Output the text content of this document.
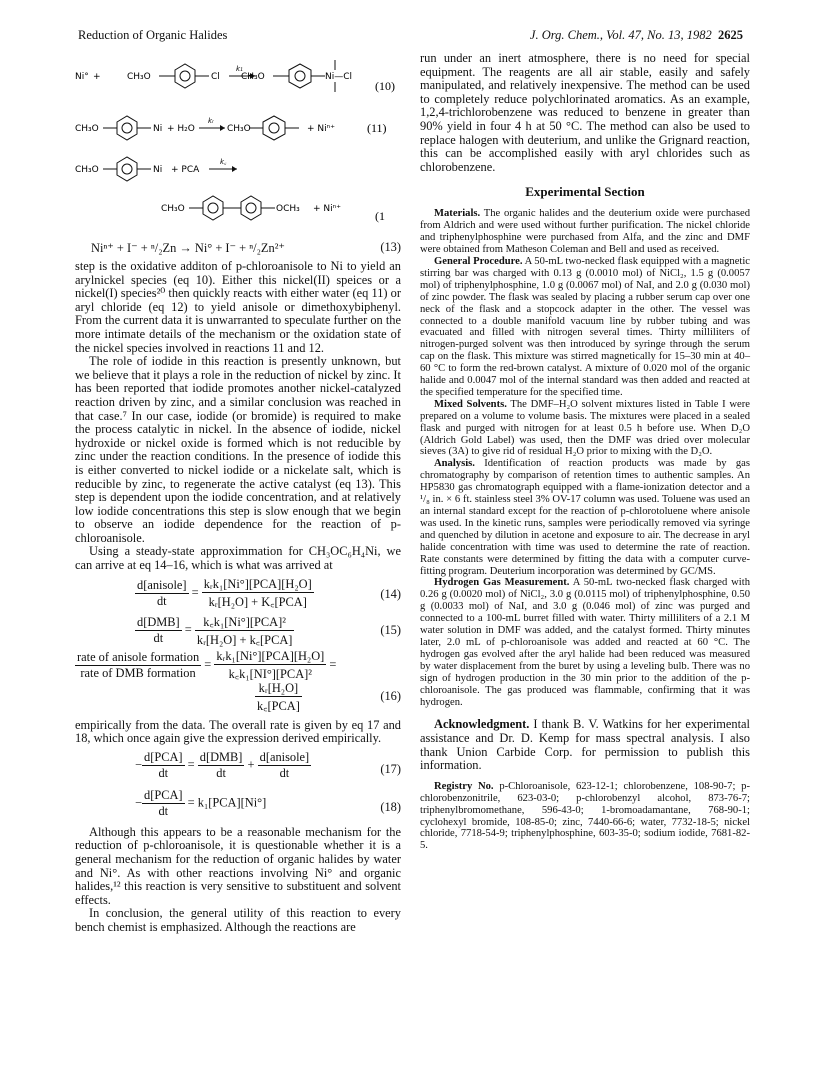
Reduction of Organic Halides	J. Org. Chem., Vol. 47, No. 13, 1982 2625
Ni° +	CH₃O	Cl
k₁
CH₃O	Ni—Cl
(10)
CH₃O	Ni + H₂O
kᵣ
CH₃O	+ Niⁿ⁺	(11)
CH₃O	Ni + PCA
k꜀
CH₃O	OCH₃ + Niⁿ⁺	(1
Niⁿ⁺ + I⁻ + ⁿ/₂Zn → Ni° + I⁻ + ⁿ/₂Zn²⁺	(13)

step is the oxidative additon of p-chloroanisole to Ni to yield an arylnickel species (eq 10). Either this nickel(II) speices or a nickel(I) species²⁰ then quickly reacts with either water (eq 11) or aryl chloride (eq 12) to yield anisole or dimethoxybiphenyl. From the current data it is unwarranted to speculate further on the more intimate details of the mechanism or the oxidation state of the nickel species involved in reactions 11 and 12.

The role of iodide in this reaction is presently unknown, but we believe that it plays a role in the reduction of nickel by zinc. It has been reported that iodide promotes another nickel-catalyzed reaction driven by zinc, and a similar conclusion was reached in that case.⁷ In our case, iodide (or bromide) is required to make the process catalytic in nickel. In the absence of iodide, nickel hydroxide or nickel oxide is formed which is not reducible by zinc under the reaction conditions. In the presence of iodide this is either converted to nickel iodide or a nickelate salt, which is reducible by zinc, to regenerate the active catalyst (eq 13). This step is dependent upon the iodide concentration, and at relatively low iodide concentrations this step is slow enough that we begin to observe an iodide dependence for the reaction of p-chloroanisole.

Using a steady-state approximmation for CH₃OC₆H₄Ni, we can arrive at eq 14–16, which is what was arrived at

$\frac{\text{d[anisole]}}{dt} = \frac{\text{kᵣk₁[Ni°][PCA][H₂O]}}{\text{kᵣ[H₂O] + K꜀[PCA]}}$	(14)
$\frac{\text{d[DMB]}}{dt} = \frac{\text{k꜀k₁[Ni°][PCA]²}}{\text{kᵣ[H₂O] + k꜀[PCA]}}$	(15)
$\frac{\text{rate of anisole formation}}{\text{rate of DMB formation}} = \frac{\text{kᵣk₁[Ni°][PCA][H₂O]}}{\text{k꜀k₁[NI°][PCA]²}}$ =
$\frac{\text{kᵣ[H₂O]}}{\text{k꜀[PCA]}}$	(16)

empirically from the data. The overall rate is given by eq 17 and 18, which once again give the expression derived empirically.

− $\frac{\text{d[PCA]}}{dt} = \frac{\text{d[DMB]}}{dt} + \frac{\text{d[anisole]}}{dt}$	(17)
− $\frac{\text{d[PCA]}}{dt} = k_1[PCA][Ni^\circ]$	(18)

Although this appears to be a reasonable mechanism for the reduction of p-chloroanisole, it is questionable whether it is a general mechanism for the reduction of organic halides by water and Ni°. As with other reactions involving Ni° and organic halides,¹² this reaction is very sensitive to substituent and solvent effects.

In conclusion, the general utility of this reaction to every bench chemist is emphasized. Although the reactions are

run under an inert atmosphere, there is no need for special equipment. The reagents are all air stable, easily and safely manipulated, and relatively inexpensive. The method can be used to completely reduce polychlorinated aromatics. As an example, 1,2,4-trichlorobenzene was reduced to benzene in greater than 90% yield in four 4 h at 50 °C. The method can also be used to replace halogen with deuterium, and unlike the Grignard reaction, this can be accomplished easily with aryl chlorides such as chlorobenzene.

Experimental Section

Materials. The organic halides and the deuterium oxide were purchased from Aldrich and were used without further purification. The nickel chloride and triphenylphosphine were purchased from Alfa, and the zinc and DMF were obtained from Matheson Coleman and Bell and used as received.

General Procedure. A 50-mL two-necked flask equipped with a magnetic stirring bar was charged with 0.13 g (0.0010 mol) of NiCl₂, 1.5 g (0.0057 mol) of triphenylphosphine, 1.0 g (0.0067 mol) of NaI, and 2.0 g (0.030 mol) of zinc powder. The flask was sealed by placing a rubber serum cap over one neck of the flask and a stopcock adapter in the other. The vessel was connected to a double manifold vacuum line by rubber tubing and was evacuated and filled with nitrogen several times. Thirty milliliters of nitrogen-purged solvent was then introduced by syringe through the serum cap on the flask. This mixture was stirred magnetically for 15–30 min at 40–60 °C to form the red-brown catalyst. A mixture of 0.020 mol of the organic halide and 0.0047 mol of the internal standard was then added and reacted at the specified temperature for the specified time.

Mixed Solvents. The DMF–H₂O solvent mixtures listed in Table I were prepared on a volume to volume basis. The mixtures were placed in a sealed flask and purged with nitrogen for at least 0.5 h before use. When D₂O (Aldrich Gold Label) was used, then the DMF was dried over molecular sieves (3A) to give rid of residual H₂O prior to mixing with the D₂O.

Analysis. Identification of reaction products was made by gas chromatography by comparison of retention times to authentic samples. An HP5830 gas chromatograph equipped with a flame-ionization detector and a ¹/₈ in. × 6 ft. stainless steel 3% OV-17 column was used. Toluene was used an an internal standard except for the reaction of p-chlorotoluene where anisole was used. In the kinetic runs, samples were periodically removed via syringe and quenched by dilution in acetone and exposure to air. The decrease in aryl halide concentration with time was used to determine the rate of reaction. Rate constants were determined by fitting the data with a computer curve-fitting program. Deuterium incorporation was determined by GC/MS.

Hydrogen Gas Measurement. A 50-mL two-necked flask charged with 0.26 g (0.0020 mol) of NiCl₂, 3.0 g (0.0115 mol) of triphenylphosphine, 0.50 g (0.0033 mol) of NaI, and 3.0 g (0.046 mol) of zinc was purged and connected to a 100-mL burret filled with water. Thirty milliliters of a 2.1 M water solution in DMF was added, and the catalyst formed. Thirty minutes later, 2.0 mL of p-chloroanisole was added and reacted at 60 °C. The hydrogen gas evolved after the aryl halide had been reduced was measured by water displacement from the buret by using a leveling bulb. There was no sign of hydrogen production in the 30 min prior to the addition of the p-chloroanisole. The gas produced was flammable, confirming that it was hydrogen.

Acknowledgment. I thank B. V. Watkins for her experimental assistance and Dr. D. Kemp for mass spectral analysis. I also thank Union Carbide Corp. for permission to publish this information.

Registry No. p-Chloroanisole, 623-12-1; chlorobenzene, 108-90-7; p-chlorobenzonitrile, 623-03-0; p-chlorobenzyl alcohol, 873-76-7; triphenylbromomethane, 596-43-0; 1-bromoadamantane, 768-90-1; cyclohexyl bromide, 108-85-0; zinc, 7440-66-6; water, 7732-18-5; nickel chloride, 7718-54-9; triphenylphosphine, 603-35-0; sodium iodide, 7681-82-5.
